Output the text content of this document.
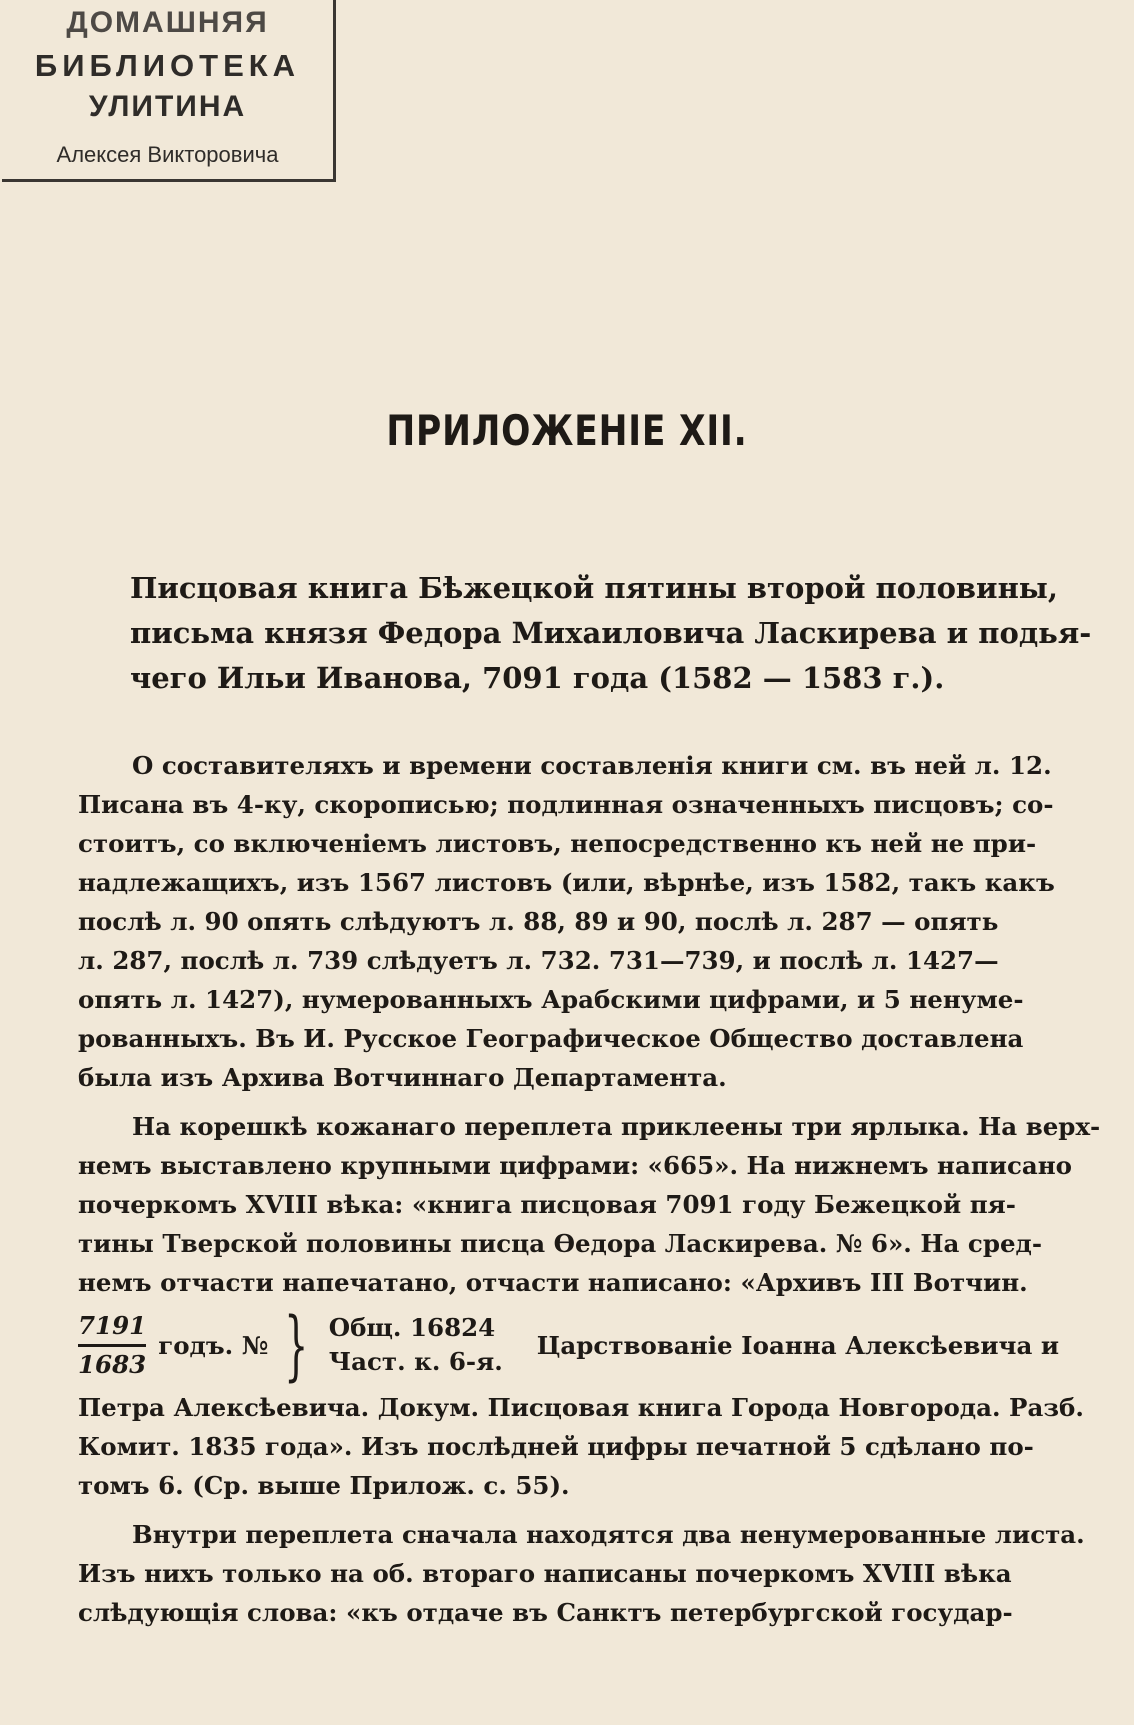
ДОМАШНЯЯ
БИБЛИОТЕКА
УЛИТИНА
Алексея Викторовича
ПРИЛОЖЕНІЕ XII.
Писцовая книга Бѣжецкой пятины второй половины,
письма князя Федора Михаиловича Ласкирева и подья-
чего Ильи Иванова, 7091 года (1582 — 1583 г.).
О составителяхъ и времени составленія книги см. въ ней л. 12.
Писана въ 4-ку, скорописью; подлинная означенныхъ писцовъ; со-
стоитъ, со включеніемъ листовъ, непосредственно къ ней не при-
надлежащихъ, изъ 1567 листовъ (или, вѣрнѣе, изъ 1582, такъ какъ
послѣ л. 90 опять слѣдуютъ л. 88, 89 и 90, послѣ л. 287 — опять
л. 287, послѣ л. 739 слѣдуетъ л. 732. 731—739, и послѣ л. 1427—
опять л. 1427), нумерованныхъ Арабскими цифрами, и 5 ненуме-
рованныхъ. Въ И. Русское Географическое Общество доставлена
была изъ Архива Вотчиннаго Департамента.
На корешкѣ кожанаго переплета приклеены три ярлыка. На верх-
немъ выставлено крупными цифрами: «665». На нижнемъ написано
почеркомъ XVIII вѣка: «книга писцовая 7091 году Бежецкой пя-
тины Тверской половины писца Ѳедора Ласкирева. № 6». На сред-
немъ отчасти напечатано, отчасти написано: «Архивъ III Вотчин.
$\frac{7191}{1683}$ годъ. № } Общ. 16824
Част. к. 6-я.
Царствованіе Іоанна Алексѣевича и
Петра Алексѣевича. Докум. Писцовая книга Города Новгорода. Разб.
Комит. 1835 года». Изъ послѣдней цифры печатной 5 сдѣлано по-
томъ 6. (Ср. выше Прилож. с. 55).
Внутри переплета сначала находятся два ненумерованные листа.
Изъ нихъ только на об. втораго написаны почеркомъ XVIII вѣка
слѣдующія слова: «къ отдаче въ Санктъ петербургской государ-
